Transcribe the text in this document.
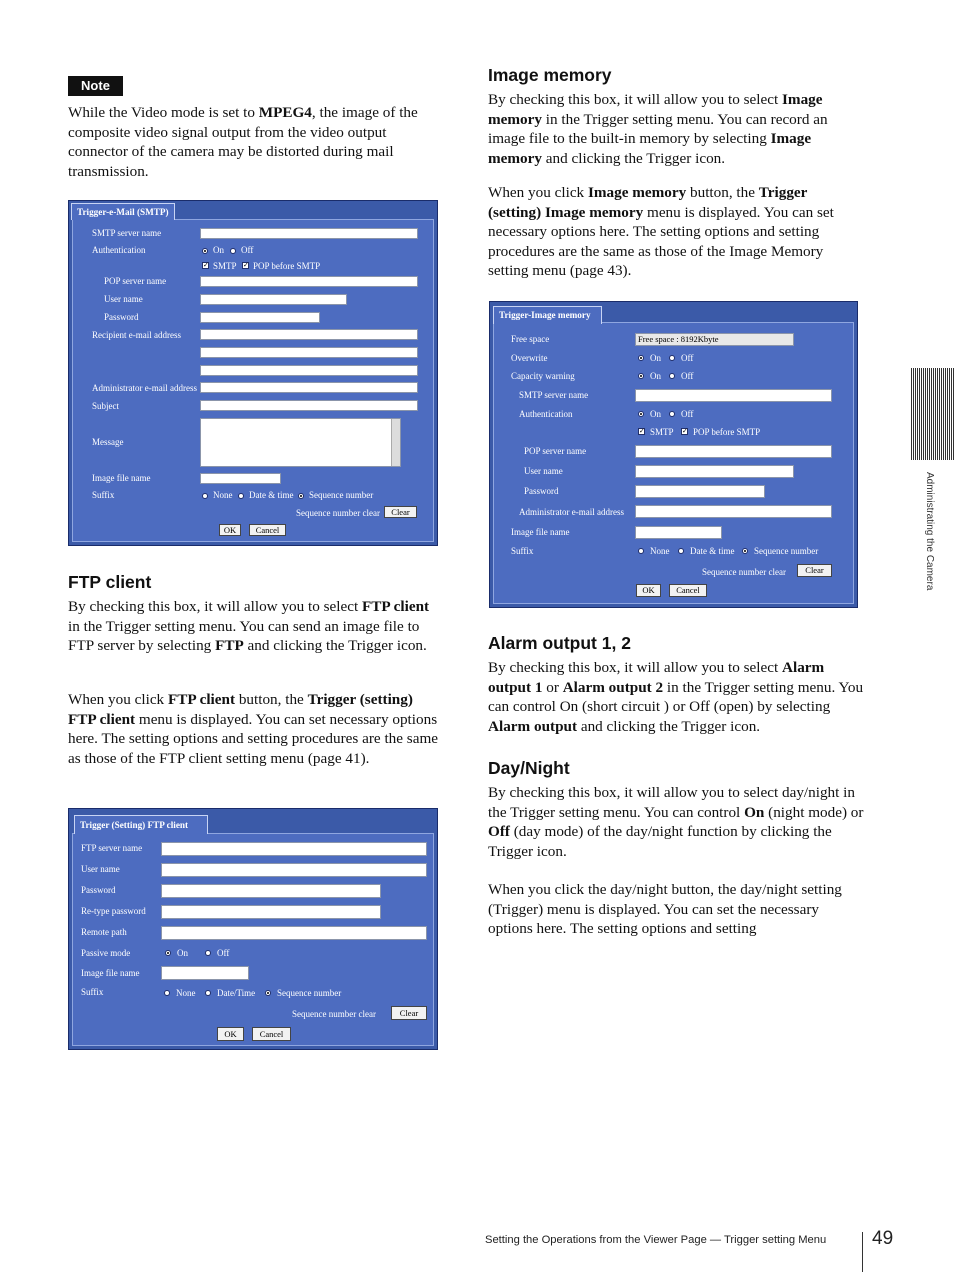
Note
While the Video mode is set to MPEG4, the image of the composite video signal output from the video output connector of the camera may be distorted during mail transmission.
Trigger-e-Mail (SMTP)
SMTP server name
Authentication	On Off
✓ SMTP ✓ POP before SMTP
POP server name
User name
Password
Recipient e-mail address
Administrator e-mail address
Subject
Message
Image file name
Suffix	None Date & time Sequence number
Sequence number clear	Clear
OK	Cancel
FTP client
By checking this box, it will allow you to select FTP client in the Trigger setting menu. You can send an image file to FTP server by selecting FTP and clicking the Trigger icon.
When you click FTP client button, the Trigger (setting) FTP client menu is displayed. You can set necessary options here. The setting options and setting procedures are the same as those of the FTP client setting menu (page 41).
Trigger (Setting) FTP client
FTP server name
User name
Password
Re-type password
Remote path
Passive mode	On	Off
Image file name
Suffix	None Date/Time Sequence number
Sequence number clear	Clear
OK	Cancel
Image memory
By checking this box, it will allow you to select Image memory in the Trigger setting menu. You can record an image file to the built-in memory by selecting Image memory and clicking the Trigger icon.
When you click Image memory button, the Trigger (setting) Image memory menu is displayed. You can set necessary options here. The setting options and setting procedures are the same as those of the Image Memory setting menu (page 43).
Trigger-Image memory
Free space	Free space : 8192Kbyte
Overwrite	On Off
Capacity warning	On Off
SMTP server name
Authentication	On Off
✓ SMTP ✓ POP before SMTP
POP server name
User name
Password
Administrator e-mail address
Image file name
Suffix	None Date & time Sequence number
Sequence number clear	Clear
OK	Cancel
Alarm output 1, 2
By checking this box, it will allow you to select Alarm output 1 or Alarm output 2 in the Trigger setting menu. You can control On (short circuit ) or Off (open) by selecting Alarm output and clicking the Trigger icon.
Day/Night
By checking this box, it will allow you to select day/night in the Trigger setting menu. You can control On (night mode) or Off (day mode) of the day/night function by clicking the Trigger icon.
When you click the day/night button, the day/night setting (Trigger) menu is displayed. You can set the necessary options here. The setting options and setting
Administrating the Camera
Setting the Operations from the Viewer Page — Trigger setting Menu 49
